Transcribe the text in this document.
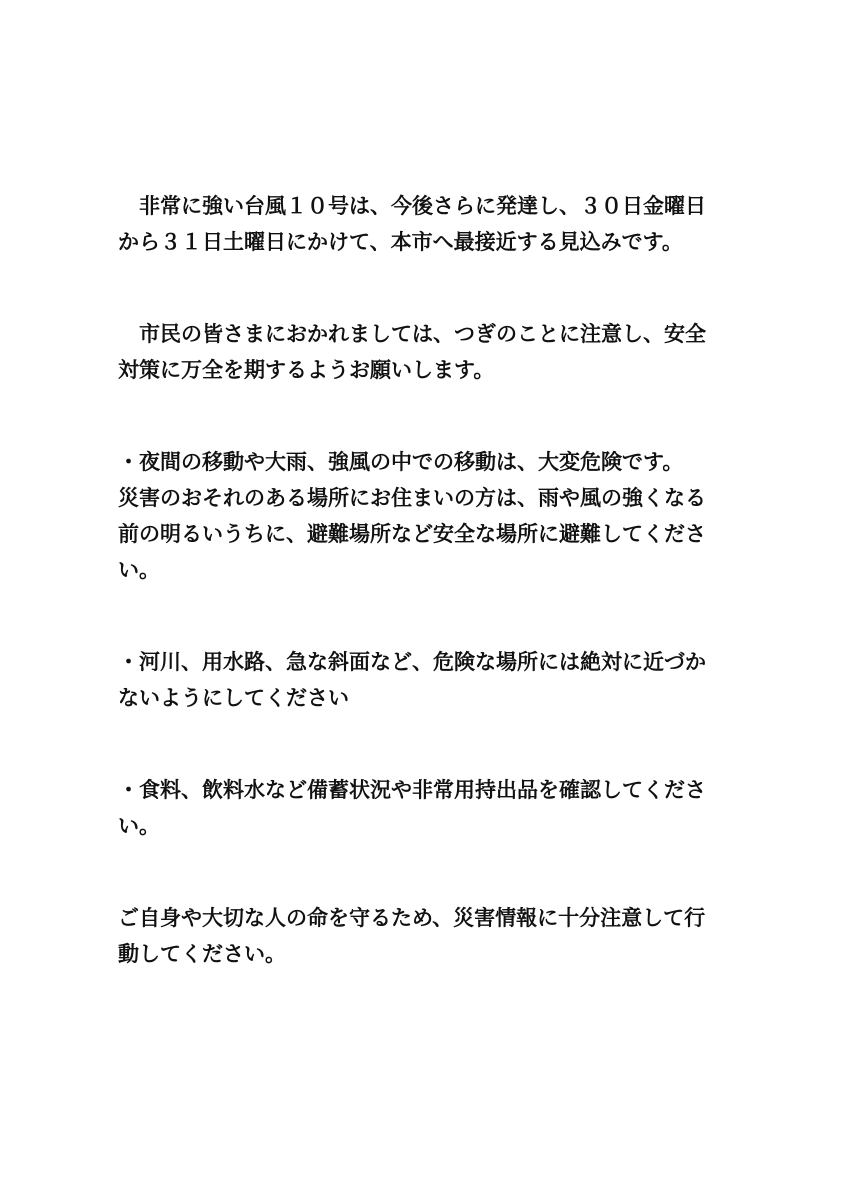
　非常に強い台風１０号は、今後さらに発達し、３０日金曜日
から３１日土曜日にかけて、本市へ最接近する見込みです。

　市民の皆さまにおかれましては、つぎのことに注意し、安全
対策に万全を期するようお願いします。

・夜間の移動や大雨、強風の中での移動は、大変危険です。
災害のおそれのある場所にお住まいの方は、雨や風の強くなる
前の明るいうちに、避難場所など安全な場所に避難してくださ
い。

・河川、用水路、急な斜面など、危険な場所には絶対に近づか
ないようにしてください

・食料、飲料水など備蓄状況や非常用持出品を確認してくださ
い。

ご自身や大切な人の命を守るため、災害情報に十分注意して行
動してください。
